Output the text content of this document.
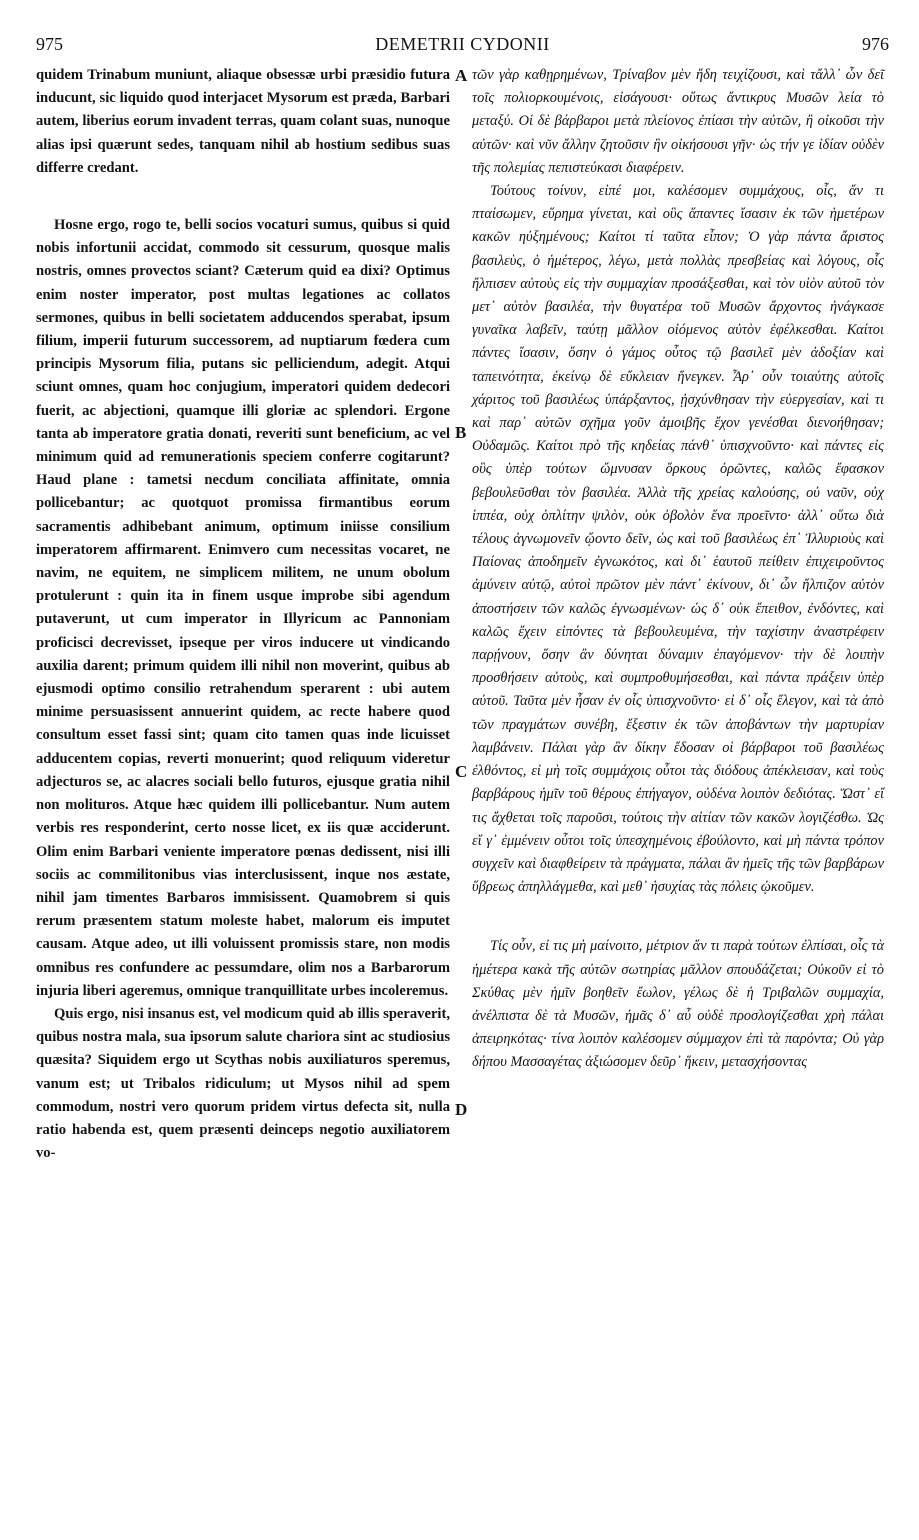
975	DEMETRII CYDONII	976

quidem Trinabum muniunt, aliaque obsessæ urbi præsidio futura inducunt, sic liquido quod interjacet Mysorum est præda, Barbari autem, liberius eorum invadent terras, quam colant suas, nunoque alias ipsi quærunt sedes, tanquam nihil ab hostium sedibus suas differre credant.

Hosne ergo, rogo te, belli socios vocaturi sumus, quibus si quid nobis infortunii accidat, commodo sit cessurum, quosque malis nostris, omnes provectos sciant? Cæterum quid ea dixi? Optimus enim noster imperator, post multas legationes ac collatos sermones, quibus in belli societatem adducendos sperabat, ipsum filium, imperii futurum successorem, ad nuptiarum fœdera cum principis Mysorum filia, putans sic pelliciendum, adegit. Atqui sciunt omnes, quam hoc conjugium, imperatori quidem dedecori fuerit, ac abjectioni, quamque illi gloriæ ac splendori. Ergone tanta ab imperatore gratia donati, reveriti sunt beneficium, ac vel minimum quid ad remunerationis speciem conferre cogitarunt? Haud plane : tametsi necdum conciliata affinitate, omnia pollicebantur; ac quotquot promissa firmantibus eorum sacramentis adhibebant animum, optimum iniisse consilium imperatorem affirmarent. Enimvero cum necessitas vocaret, ne navim, ne equitem, ne simplicem militem, ne unum obolum protulerunt : quin ita in finem usque improbe sibi agendum putaverunt, ut cum imperator in Illyricum ac Pannoniam proficisci decrevisset, ipseque per viros inducere ut vindicando auxilia darent; primum quidem illi nihil non moverint, quibus ab ejusmodi optimo consilio retrahendum sperarent : ubi autem minime persuasissent annuerint quidem, ac recte habere quod consultum esset fassi sint; quam cito tamen quas inde licuisset adducentem copias, reverti monuerint; quod reliquum videretur adjecturos se, ac alacres sociali bello futuros, ejusque gratia nihil non molituros. Atque hæc quidem illi pollicebantur. Num autem verbis res responderint, certo nosse licet, ex iis quæ acciderunt. Olim enim Barbari veniente imperatore pœnas dedissent, nisi illi sociis ac commilitonibus vias interclusissent, inque nos æstate, nihil jam timentes Barbaros immisissent. Quamobrem si quis rerum præsentem statum moleste habet, malorum eis imputet causam. Atque adeo, ut illi voluissent promissis stare, non modis omnibus res confundere ac pessumdare, olim nos a Barbarorum injuria liberi ageremus, omnique tranquillitate urbes incoleremus.

Quis ergo, nisi insanus est, vel modicum quid ab illis speraverit, quibus nostra mala, sua ipsorum salute chariora sint ac studiosius quæsita? Siquidem ergo ut Scythas nobis auxiliaturos speremus, vanum est; ut Tribalos ridiculum; ut Mysos nihil ad spem commodum, nostri vero quorum pridem virtus defecta sit, nulla ratio habenda est, quem præsenti deinceps negotio auxiliatorem vo-

A
B
C
D

τῶν γὰρ καθῃρημένων, Τρίναβον μὲν ἤδη τειχίζουσι, καὶ τἄλλ᾽ ὧν δεῖ τοῖς πολιορκουμένοις, εἰσάγουσι· οὕτως ἄντικρυς Μυσῶν λεία τὸ μεταξύ. Οἱ δὲ βάρβαροι μετὰ πλείονος ἐπίασι τὴν αὐτῶν, ἢ οἰκοῦσι τὴν αὐτῶν· καὶ νῦν ἄλλην ζητοῦσιν ἣν οἰκήσουσι γῆν· ὡς τήν γε ἰδίαν οὐδὲν τῆς πολεμίας πεπιστεύκασι διαφέρειν.

Τούτους τοίνυν, εἰπέ μοι, καλέσομεν συμμάχους, οἷς, ἄν τι πταίσωμεν, εὕρημα γίνεται, καὶ οὓς ἅπαντες ἴσασιν ἐκ τῶν ἡμετέρων κακῶν ηὐξημένους; Καίτοι τί ταῦτα εἶπον; Ὁ γὰρ πάντα ἄριστος βασιλεὺς, ὁ ἡμέτερος, λέγω, μετὰ πολλὰς πρεσβείας καὶ λόγους, οἷς ἤλπισεν αὐτοὺς εἰς τὴν συμμαχίαν προσάξεσθαι, καὶ τὸν υἱὸν αὐτοῦ τὸν μετ᾽ αὐτὸν βασιλέα, τὴν θυγατέρα τοῦ Μυσῶν ἄρχοντος ἠνάγκασε γυναῖκα λαβεῖν, ταύτῃ μᾶλλον οἰόμενος αὐτὸν ἐφέλκεσθαι. Καίτοι πάντες ἴσασιν, ὅσην ὁ γάμος οὗτος τῷ βασιλεῖ μὲν ἀδοξίαν καὶ ταπεινότητα, ἐκείνῳ δὲ εὔκλειαν ἤνεγκεν. Ἆρ᾽ οὖν τοιαύτης αὐτοῖς χάριτος τοῦ βασιλέως ὑπάρξαντος, ᾐσχύνθησαν τὴν εὐεργεσίαν, καὶ τι καὶ παρ᾽ αὐτῶν σχῆμα γοῦν ἀμοιβῆς ἔχον γενέσθαι διενοήθησαν; Οὐδαμῶς. Καίτοι πρὸ τῆς κηδείας πάνθ᾽ ὑπισχνοῦντο· καὶ πάντες εἰς οὓς ὑπὲρ τούτων ὤμνυσαν ὅρκους ὁρῶντες, καλῶς ἔφασκον βεβουλεῦσθαι τὸν βασιλέα. Ἀλλὰ τῆς χρείας καλούσης, οὐ ναῦν, οὐχ ἱππέα, οὐχ ὁπλίτην ψιλὸν, οὐκ ὀβολὸν ἕνα προεῖντο· ἀλλ᾽ οὕτω διὰ τέλους ἀγνωμονεῖν ᾤοντο δεῖν, ὡς καὶ τοῦ βασιλέως ἐπ᾽ Ἰλλυριοὺς καὶ Παίονας ἀποδημεῖν ἐγνωκότος, καὶ δι᾽ ἑαυτοῦ πείθειν ἐπιχειροῦντος ἀμύνειν αὐτῷ, αὐτοὶ πρῶτον μὲν πάντ᾽ ἐκίνουν, δι᾽ ὧν ἤλπιζον αὐτὸν ἀποστήσειν τῶν καλῶς ἐγνωσμένων· ὡς δ᾽ οὐκ ἔπειθον, ἐνδόντες, καὶ καλῶς ἔχειν εἰπόντες τὰ βεβουλευμένα, τὴν ταχίστην ἀναστρέφειν παρῄνουν, ὅσην ἂν δύνηται δύναμιν ἐπαγόμενον· τὴν δὲ λοιπὴν προσθήσειν αὐτοὺς, καὶ συμπροθυμήσεσθαι, καὶ πάντα πράξειν ὑπὲρ αὐτοῦ. Ταῦτα μὲν ἦσαν ἐν οἷς ὑπισχνοῦντο· εἰ δ᾽ οἷς ἔλεγον, καὶ τὰ ἀπὸ τῶν πραγμάτων συνέβη, ἔξεστιν ἐκ τῶν ἀποβάντων τὴν μαρτυρίαν λαμβάνειν. Πάλαι γὰρ ἂν δίκην ἔδοσαν οἱ βάρβαροι τοῦ βασιλέως ἐλθόντος, εἰ μὴ τοῖς συμμάχοις οὗτοι τὰς διόδους ἀπέκλεισαν, καὶ τοὺς βαρβάρους ἡμῖν τοῦ θέρους ἐπήγαγον, οὐδένα λοιπὸν δεδιότας. Ὥστ᾽ εἴ τις ἄχθεται τοῖς παροῦσι, τούτοις τὴν αἰτίαν τῶν κακῶν λογιζέσθω. Ὡς εἴ γ᾽ ἐμμένειν οὗτοι τοῖς ὑπεσχημένοις ἐβούλοντο, καὶ μὴ πάντα τρόπον συγχεῖν καὶ διαφθείρειν τὰ πράγματα, πάλαι ἂν ἡμεῖς τῆς τῶν βαρβάρων ὕβρεως ἀπηλλάγμεθα, καὶ μεθ᾽ ἡσυχίας τὰς πόλεις ᾠκοῦμεν.

Τίς οὖν, εἰ τις μὴ μαίνοιτο, μέτριον ἄν τι παρὰ τούτων ἐλπίσαι, οἷς τὰ ἡμέτερα κακὰ τῆς αὐτῶν σωτηρίας μᾶλλον σπουδάζεται; Οὐκοῦν εἰ τὸ Σκύθας μὲν ἡμῖν βοηθεῖν ἔωλον, γέλως δὲ ἡ Τριβαλῶν συμμαχία, ἀνέλπιστα δὲ τὰ Μυσῶν, ἡμᾶς δ᾽ αὖ οὐδὲ προσλογίζεσθαι χρὴ πάλαι ἀπειρηκότας· τίνα λοιπὸν καλέσομεν σύμμαχον ἐπὶ τὰ παρόντα; Οὐ γὰρ δήπου Μασσαγέτας ἀξιώσομεν δεῦρ᾽ ἥκειν, μετασχήσοντας
